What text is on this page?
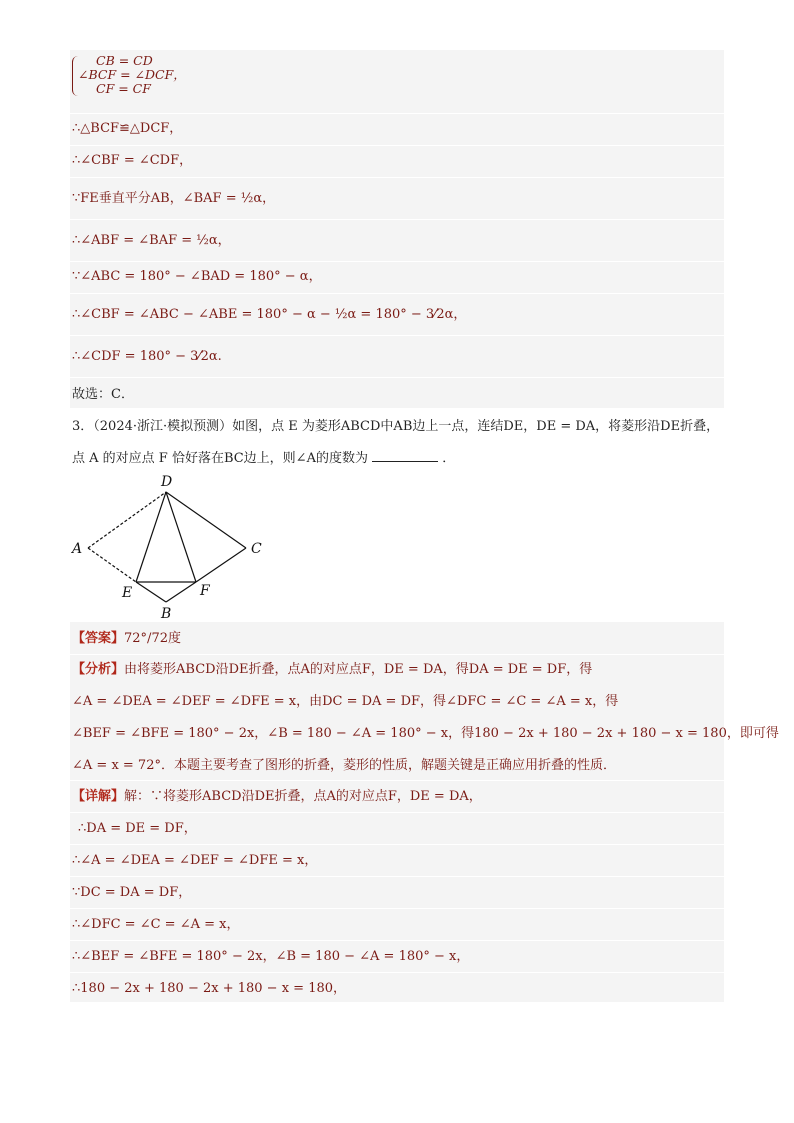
CB = CD
∠BCF = ∠DCF，
CF = CF
∴△BCF≌△DCF，
∴∠CBF = ∠CDF，
∵FE垂直平分AB，∠BAF = ½α，
∴∠ABF = ∠BAF = ½α，
∵∠ABC = 180° − ∠BAD = 180° − α，
∴∠CBF = ∠ABC − ∠ABE = 180° − α − ½α = 180° − 3⁄2α，
∴∠CDF = 180° − 3⁄2α.
故选：C．
3．（2024·浙江·模拟预测）如图，点 E 为菱形ABCD中AB边上一点，连结DE，DE = DA，将菱形沿DE折叠，
点 A 的对应点 F 恰好落在BC边上，则∠A的度数为	．
D
A	C
E	F
B
【答案】72°/72度
【分析】由将菱形ABCD沿DE折叠，点A的对应点F，DE = DA，得DA = DE = DF，得
∠A = ∠DEA = ∠DEF = ∠DFE = x，由DC = DA = DF，得∠DFC = ∠C = ∠A = x，得
∠BEF = ∠BFE = 180° − 2x，∠B = 180 − ∠A = 180° − x，得180 − 2x + 180 − 2x + 180 − x = 180，即可得
∠A = x = 72°．本题主要考查了图形的折叠，菱形的性质，解题关键是正确应用折叠的性质．
【详解】解：∵将菱形ABCD沿DE折叠，点A的对应点F，DE = DA，
∴DA = DE = DF，
∴∠A = ∠DEA = ∠DEF = ∠DFE = x，
∵DC = DA = DF，
∴∠DFC = ∠C = ∠A = x，
∴∠BEF = ∠BFE = 180° − 2x，∠B = 180 − ∠A = 180° − x，
∴180 − 2x + 180 − 2x + 180 − x = 180，
